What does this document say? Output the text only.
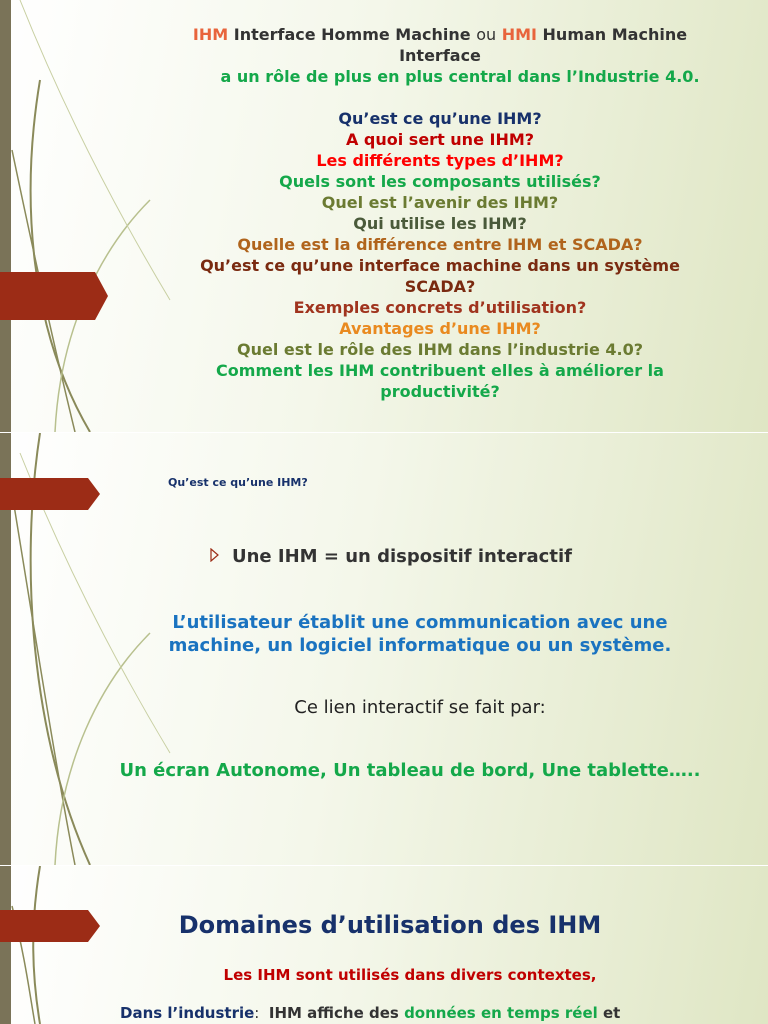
IHM Interface Homme Machine ou HMI Human Machine
Interface
a un rôle de plus en plus central dans l’Industrie 4.0.
Qu’est ce qu’une IHM?
A quoi sert une IHM?
Les différents types d’IHM?
Quels sont les composants utilisés?
Quel est l’avenir des IHM?
Qui utilise les IHM?
Quelle est la différence entre IHM et SCADA?
Qu’est ce qu’une interface machine dans un système
SCADA?
Exemples concrets d’utilisation?
Avantages d’une IHM?
Quel est le rôle des IHM dans l’industrie 4.0?
Comment les IHM contribuent elles à améliorer la
productivité?
Qu’est ce qu’une IHM?
Une IHM = un dispositif interactif
L’utilisateur établit une communication avec une
machine, un logiciel informatique ou un système.
Ce lien interactif se fait par:
Un écran Autonome, Un tableau de bord, Une tablette…..
Domaines d’utilisation des IHM
Les IHM sont utilisés dans divers contextes,
Dans l’industrie:  IHM affiche des données en temps réel et
